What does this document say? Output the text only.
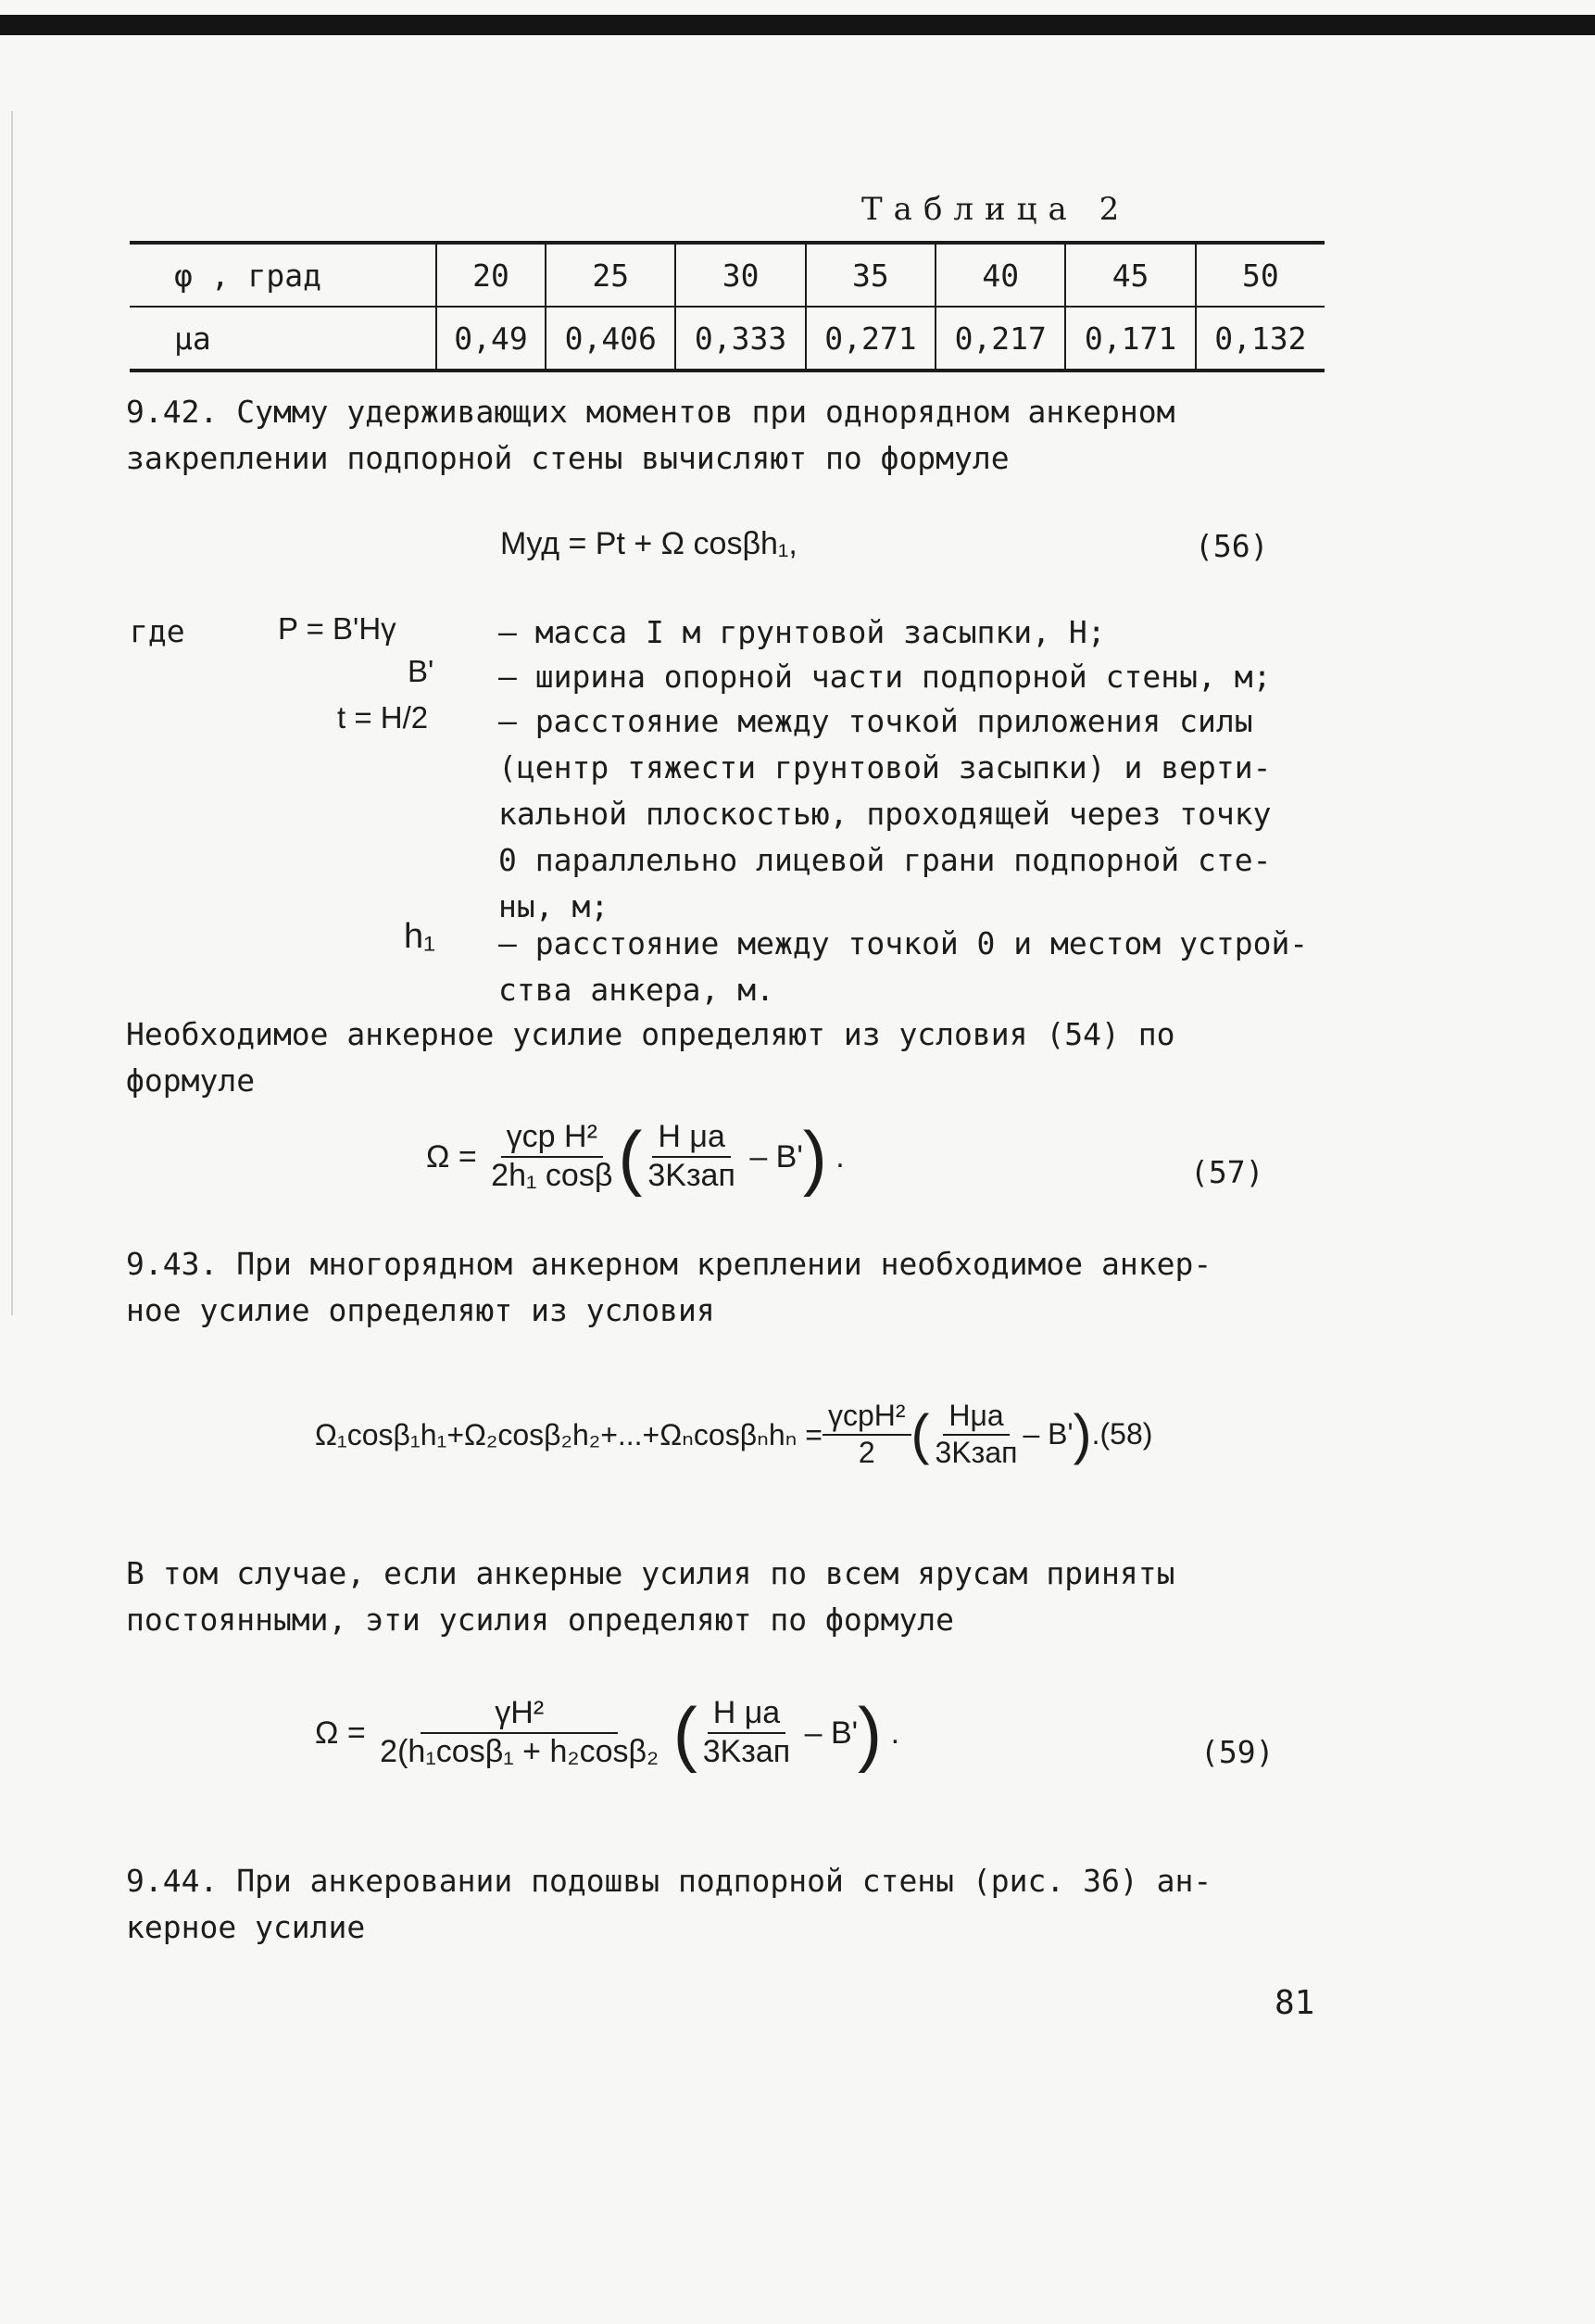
Таблица 2
φ , град	20	25	30	35	40	45	50
μa	0,49	0,406	0,333	0,271	0,217	0,171	0,132

9.42. Сумму удерживающих моментов при однорядном анкерном
закреплении подпорной стены вычисляют по формуле

Mуд
= Pt + Ω cosβh₁,	(56)
где	P = B'Hγ	– масса I м грунтовой засыпки, Н;

B' – ширина опорной части подпорной стены, м;

t = H/2 – расстояние между точкой приложения силы
(центр тяжести грунтовой засыпки) и верти-
кальной плоскостью, проходящей через точку
0 параллельно лицевой грани подпорной сте-
ны, м;

h₁ – расстояние между точкой 0 и местом устрой-
ства анкера, м.

Необходимое анкерное усилие определяют из условия (54) по
формуле

$\Omega = \frac{\text{γср H²}}{\text{2h₁ cosβ}}$ ( $\frac{\text{H μa}}{\text{3Kзап}}$
– B' ) .	(57)

9.43. При многорядном анкерном креплении необходимое анкер-
ное усилие определяют из условия

$\Omega_1\cos\beta_1h_1+\Omega_2\cos\beta_2h_2+...+\Omega_n\cos\beta_nh_n = \frac{\text{γсрH²}}{2}$ ( $\frac{\text{Hμa}}{\text{3Kзап}}$ – B' ) . (58)

В том случае, если анкерные усилия по всем ярусам приняты
постоянными, эти усилия определяют по формуле

Ω =
$\frac{\text{γH²}}{\text{2(h₁cosβ₁ + h₂cosβ₂}}$
( $\frac{\text{H μa}}{\text{3Kзап}}$
– B' ) .
(59)

9.44. При анкеровании подошвы подпорной стены (рис. 36) ан-
керное усилие

81
